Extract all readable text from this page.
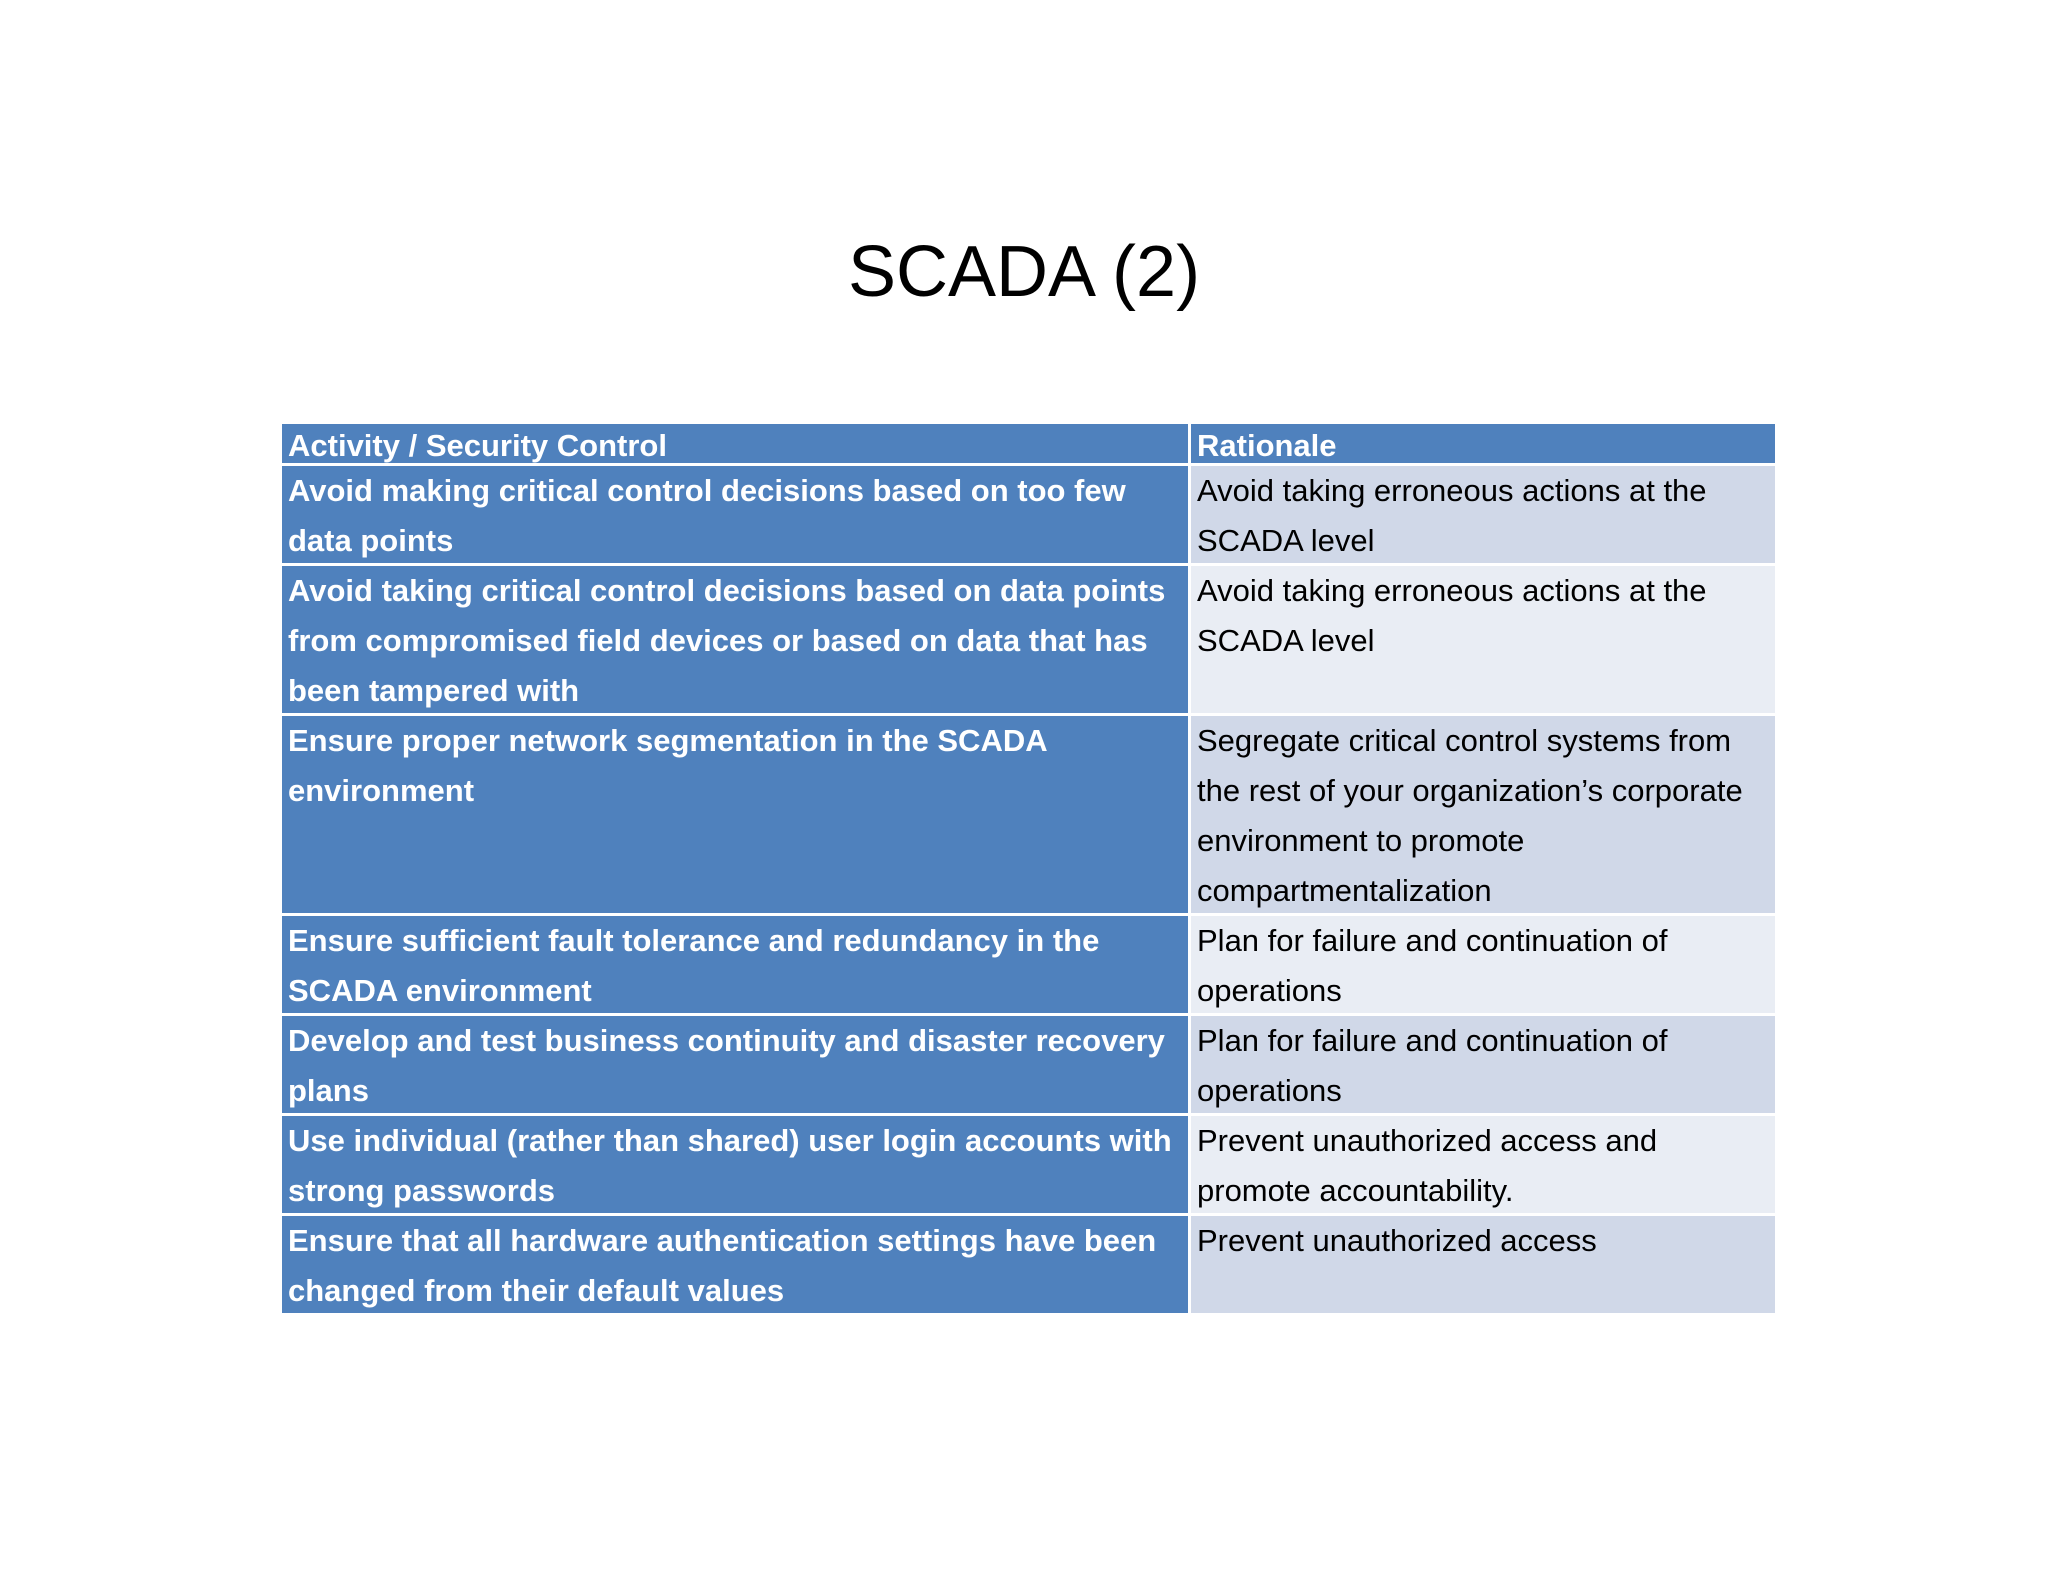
SCADA (2)
Activity / Security Control	Rationale
Avoid making critical control decisions based on too few data points
Avoid taking erroneous actions at the SCADA level
Avoid taking critical control decisions based on data points from compromised field devices or based on data that has been tampered with
Avoid taking erroneous actions at the SCADA level
Ensure proper network segmentation in the SCADA environment
Segregate critical control systems from the rest of your organization’s corporate environment to promote compartmentalization
Ensure sufficient fault tolerance and redundancy in the SCADA environment
Plan for failure and continuation of operations
Develop and test business continuity and disaster recovery plans
Plan for failure and continuation of operations
Use individual (rather than shared) user login accounts with strong passwords
Prevent unauthorized access and promote accountability.
Ensure that all hardware authentication settings have been changed from their default values
Prevent unauthorized access
